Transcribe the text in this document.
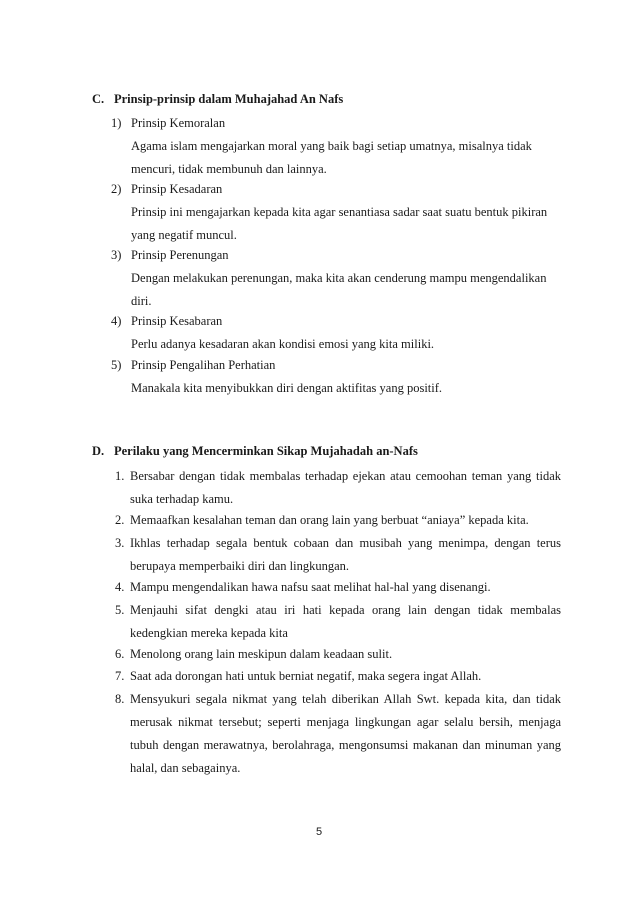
C. Prinsip-prinsip dalam Muhajahad An Nafs
1) Prinsip Kemoralan
Agama islam mengajarkan moral yang baik bagi setiap umatnya, misalnya tidak mencuri, tidak membunuh dan lainnya.
2) Prinsip Kesadaran
Prinsip ini mengajarkan kepada kita agar senantiasa sadar saat suatu bentuk pikiran yang negatif muncul.
3) Prinsip Perenungan
Dengan melakukan perenungan, maka kita akan cenderung mampu mengendalikan diri.
4) Prinsip Kesabaran
Perlu adanya kesadaran akan kondisi emosi yang kita miliki.
5) Prinsip Pengalihan Perhatian
Manakala kita menyibukkan diri dengan aktifitas yang positif.
D. Perilaku yang Mencerminkan Sikap Mujahadah an-Nafs
1. Bersabar dengan tidak membalas terhadap ejekan atau cemoohan teman yang tidak suka terhadap kamu.
2. Memaafkan kesalahan teman dan orang lain yang berbuat “aniaya” kepada kita.
3. Ikhlas terhadap segala bentuk cobaan dan musibah yang menimpa, dengan terus berupaya memperbaiki diri dan lingkungan.
4. Mampu mengendalikan hawa nafsu saat melihat hal-hal yang disenangi.
5. Menjauhi sifat dengki atau iri hati kepada orang lain dengan tidak membalas kedengkian mereka kepada kita
6. Menolong orang lain meskipun dalam keadaan sulit.
7. Saat ada dorongan hati untuk berniat negatif, maka segera ingat Allah.
8. Mensyukuri segala nikmat yang telah diberikan Allah Swt. kepada kita, dan tidak merusak nikmat tersebut; seperti menjaga lingkungan agar selalu bersih, menjaga tubuh dengan merawatnya, berolahraga, mengonsumsi makanan dan minuman yang halal, dan sebagainya.
5
